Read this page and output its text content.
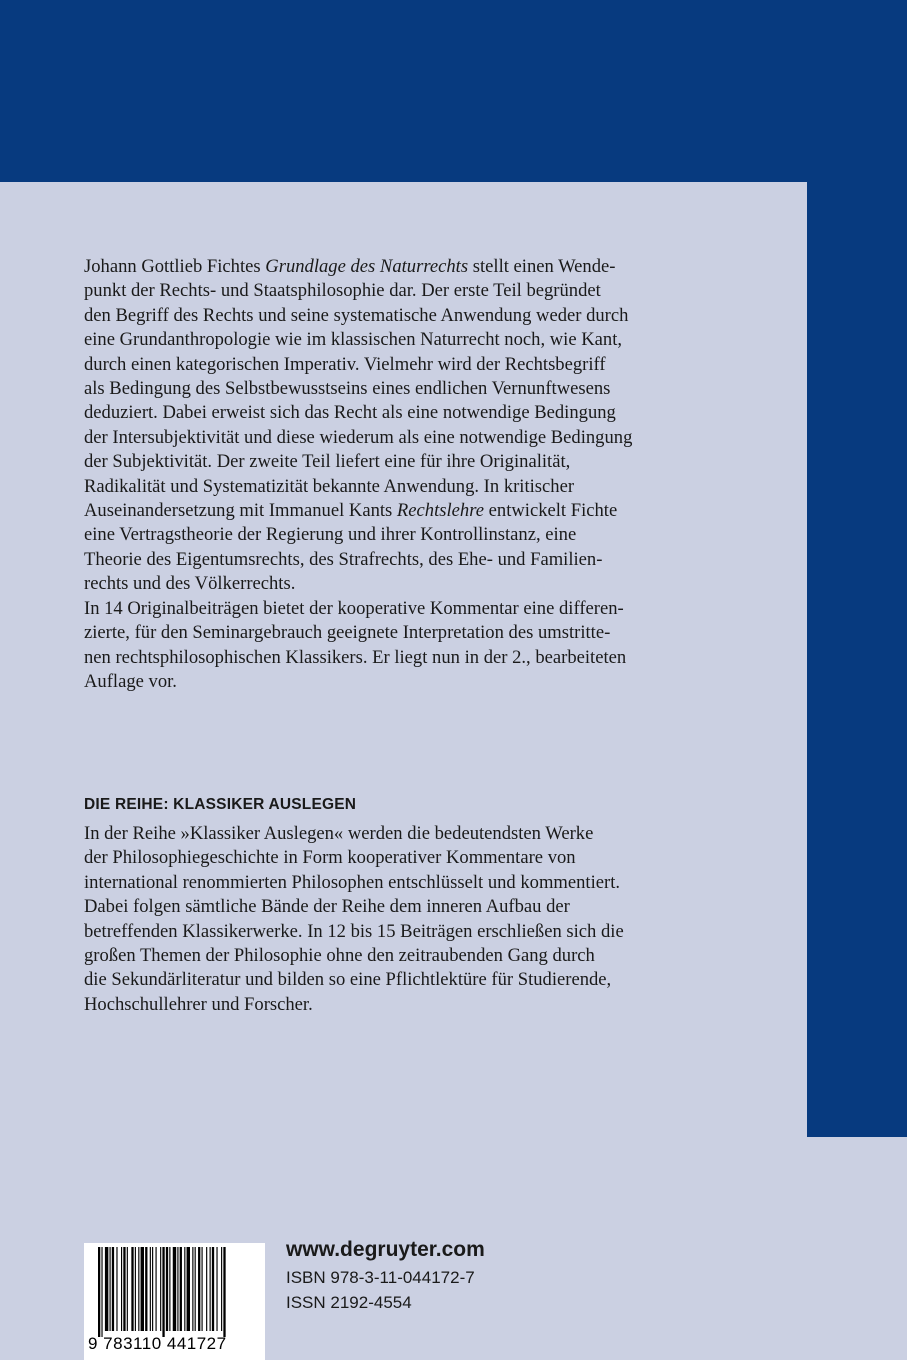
Johann Gottlieb Fichtes Grundlage des Naturrechts stellt einen Wende-

punkt der Rechts- und Staatsphilosophie dar. Der erste Teil begründet

den Begriff des Rechts und seine systematische Anwendung weder durch

eine Grundanthropologie wie im klassischen Naturrecht noch, wie Kant,

durch einen kategorischen Imperativ. Vielmehr wird der Rechtsbegriff

als Bedingung des Selbstbewusstseins eines endlichen Vernunftwesens

deduziert. Dabei erweist sich das Recht als eine notwendige Bedingung

der Intersubjektivität und diese wiederum als eine notwendige Bedingung

der Subjektivität. Der zweite Teil liefert eine für ihre Originalität,

Radikalität und Systematizität bekannte Anwendung. In kritischer

Auseinandersetzung mit Immanuel Kants Rechtslehre entwickelt Fichte

eine Vertragstheorie der Regierung und ihrer Kontrollinstanz, eine

Theorie des Eigentumsrechts, des Strafrechts, des Ehe- und Familien-

rechts und des Völkerrechts.

In 14 Originalbeiträgen bietet der kooperative Kommentar eine differen-

zierte, für den Seminargebrauch geeignete Interpretation des umstritte-

nen rechtsphilosophischen Klassikers. Er liegt nun in der 2., bearbeiteten

Auflage vor.

DIE REIHE: KLASSIKER AUSLEGEN

In der Reihe »Klassiker Auslegen« werden die bedeutendsten Werke

der Philosophiegeschichte in Form kooperativer Kommentare von

international renommierten Philosophen entschlüsselt und kommentiert.

Dabei folgen sämtliche Bände der Reihe dem inneren Aufbau der

betreffenden Klassikerwerke. In 12 bis 15 Beiträgen erschließen sich die

großen Themen der Philosophie ohne den zeitraubenden Gang durch

die Sekundärliteratur und bilden so eine Pflichtlektüre für Studierende,

Hochschullehrer und Forscher.

9 783110 441727
www.degruyter.com
ISBN 978-3-11-044172-7
ISSN 2192-4554
